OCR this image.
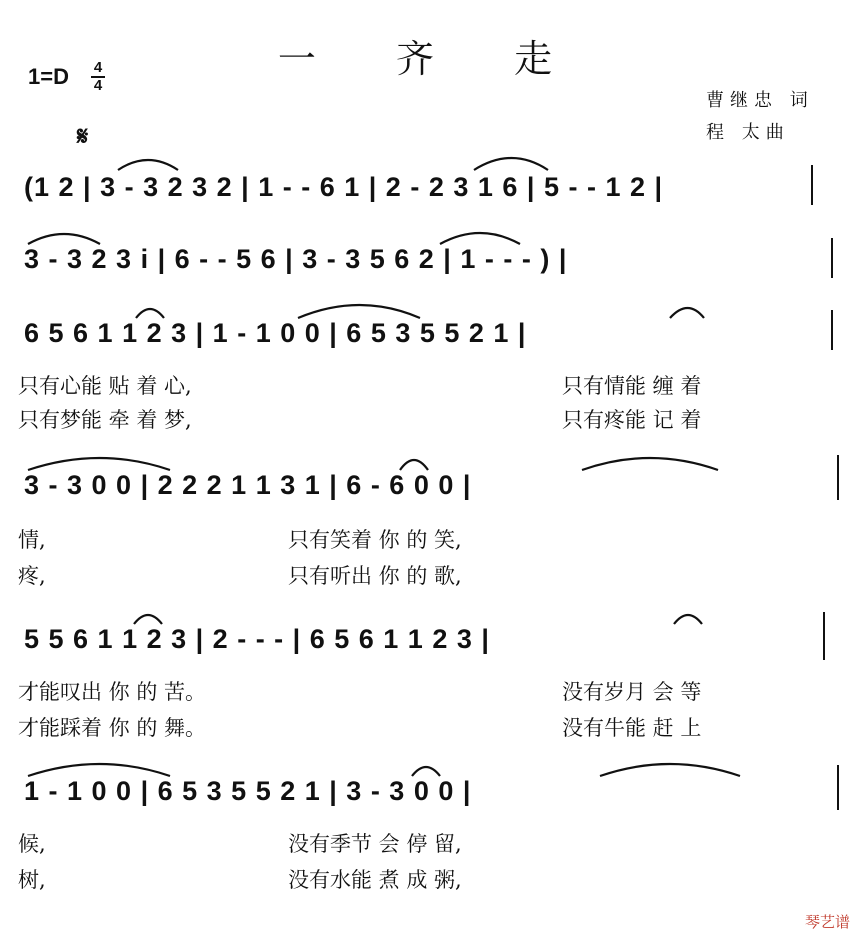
一 齐 走
1=D	4
4
曹继忠 词
程 太曲
𝄋
(1 2 | 3 - 3 2 3 2 | 1 - - 6 1 | 2 - 2 3 1 6 | 5 - - 1 2 |
3 - 3 2 3 i | 6 - - 5 6 | 3 - 3 5 6 2 | 1 - - - ) |
6 5 6 1 1 2 3 | 1 - 1 0 0 | 6 5 3 5 5 2 1 |
只有心能 贴 着 心,	只有情能 缠 着
只有梦能 牵 着 梦,	只有疼能 记 着
3 - 3 0 0 | 2 2 2 1 1 3 1 | 6 - 6 0 0 |
情,	只有笑着 你 的 笑,
疼,	只有听出 你 的 歌,
5 5 6 1 1 2 3 | 2 - - - | 6 5 6 1 1 2 3 |
才能叹出 你 的 苦。	没有岁月 会 等
才能踩着 你 的 舞。	没有牛能 赶 上
1 - 1 0 0 | 6 5 3 5 5 2 1 | 3 - 3 0 0 |
候,	没有季节 会 停 留,
树,	没有水能 煮 成 粥,
琴艺谱
